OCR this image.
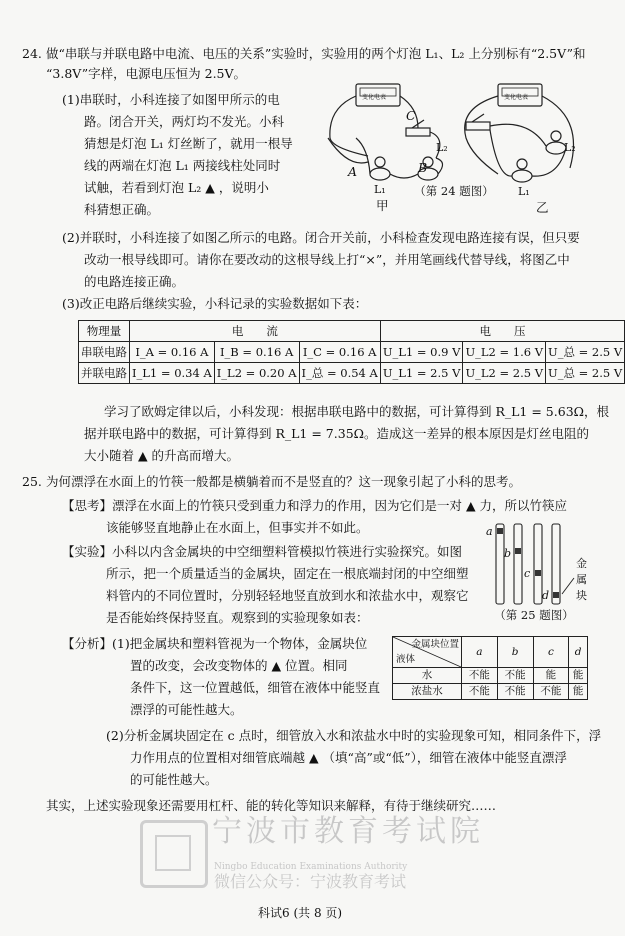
24. 做“串联与并联电路中电流、电压的关系”实验时，实验用的两个灯泡 L₁、L₂ 上分别标有“2.5V”和
“3.8V”字样，电源电压恒为 2.5V。
(1)串联时，小科连接了如图甲所示的电
路。闭合开关，两灯均不发光。小科
猜想是灯泡 L₁ 灯丝断了，就用一根导
线的两端在灯泡 L₁ 两接线柱处同时
试触，若看到灯泡 L₂ ▲ ，说明小
科猜想正确。
变化电表	变化电表
C
A	B
L₁
L₂	L₂
L₁
甲	乙
（第 24 题图）
(2)并联时，小科连接了如图乙所示的电路。闭合开关前，小科检查发现电路连接有误，但只要
改动一根导线即可。请你在要改动的这根导线上打“×”，并用笔画线代替导线，将图乙中
的电路连接正确。
(3)改正电路后继续实验，小科记录的实验数据如下表：
物理量	电　　流			电　　压		
串联电路	I_A = 0.16 A	I_B = 0.16 A	I_C = 0.16 A	U_L1 = 0.9 V	U_L2 = 1.6 V	U_总 = 2.5 V
并联电路	I_L1 = 0.34 A	I_L2 = 0.20 A	I_总 = 0.54 A	U_L1 = 2.5 V	U_L2 = 2.5 V	U_总 = 2.5 V
学习了欧姆定律以后，小科发现：根据串联电路中的数据，可计算得到 R_L1 = 5.63Ω，根
据并联电路中的数据，可计算得到 R_L1 = 7.35Ω。造成这一差异的根本原因是灯丝电阻的
大小随着 ▲ 的升高而增大。
25. 为何漂浮在水面上的竹筷一般都是横躺着而不是竖直的？这一现象引起了小科的思考。
【思考】漂浮在水面上的竹筷只受到重力和浮力的作用，因为它们是一对 ▲ 力，所以竹筷应
该能够竖直地静止在水面上，但事实并不如此。
【实验】小科以内含金属块的中空细塑料管模拟竹筷进行实验探究。如图
所示，把一个质量适当的金属块，固定在一根底端封闭的中空细塑
料管内的不同位置时，分别轻轻地竖直放到水和浓盐水中，观察它
是否能始终保持竖直。观察到的实验现象如表：
a
b
c
d
金属块
（第 25 题图）
【分析】(1)把金属块和塑料管视为一个物体，金属块位
置的改变，会改变物体的 ▲ 位置。相同
条件下，这一位置越低，细管在液体中能竖直
漂浮的可能性越大。
金属块位置
液体	a	b	c	d
水	不能	不能	能	能
浓盐水	不能	不能	不能	能
(2)分析金属块固定在 c 点时，细管放入水和浓盐水中时的实验现象可知，相同条件下，浮
力作用点的位置相对细管底端越 ▲ （填“高”或“低”），细管在液体中能竖直漂浮
的可能性越大。
其实，上述实验现象还需要用杠杆、能的转化等知识来解释，有待于继续研究……
宁波市教育考试院
Ningbo Education Examinations Authority
微信公众号：宁波教育考试
科试6 (共 8 页)
